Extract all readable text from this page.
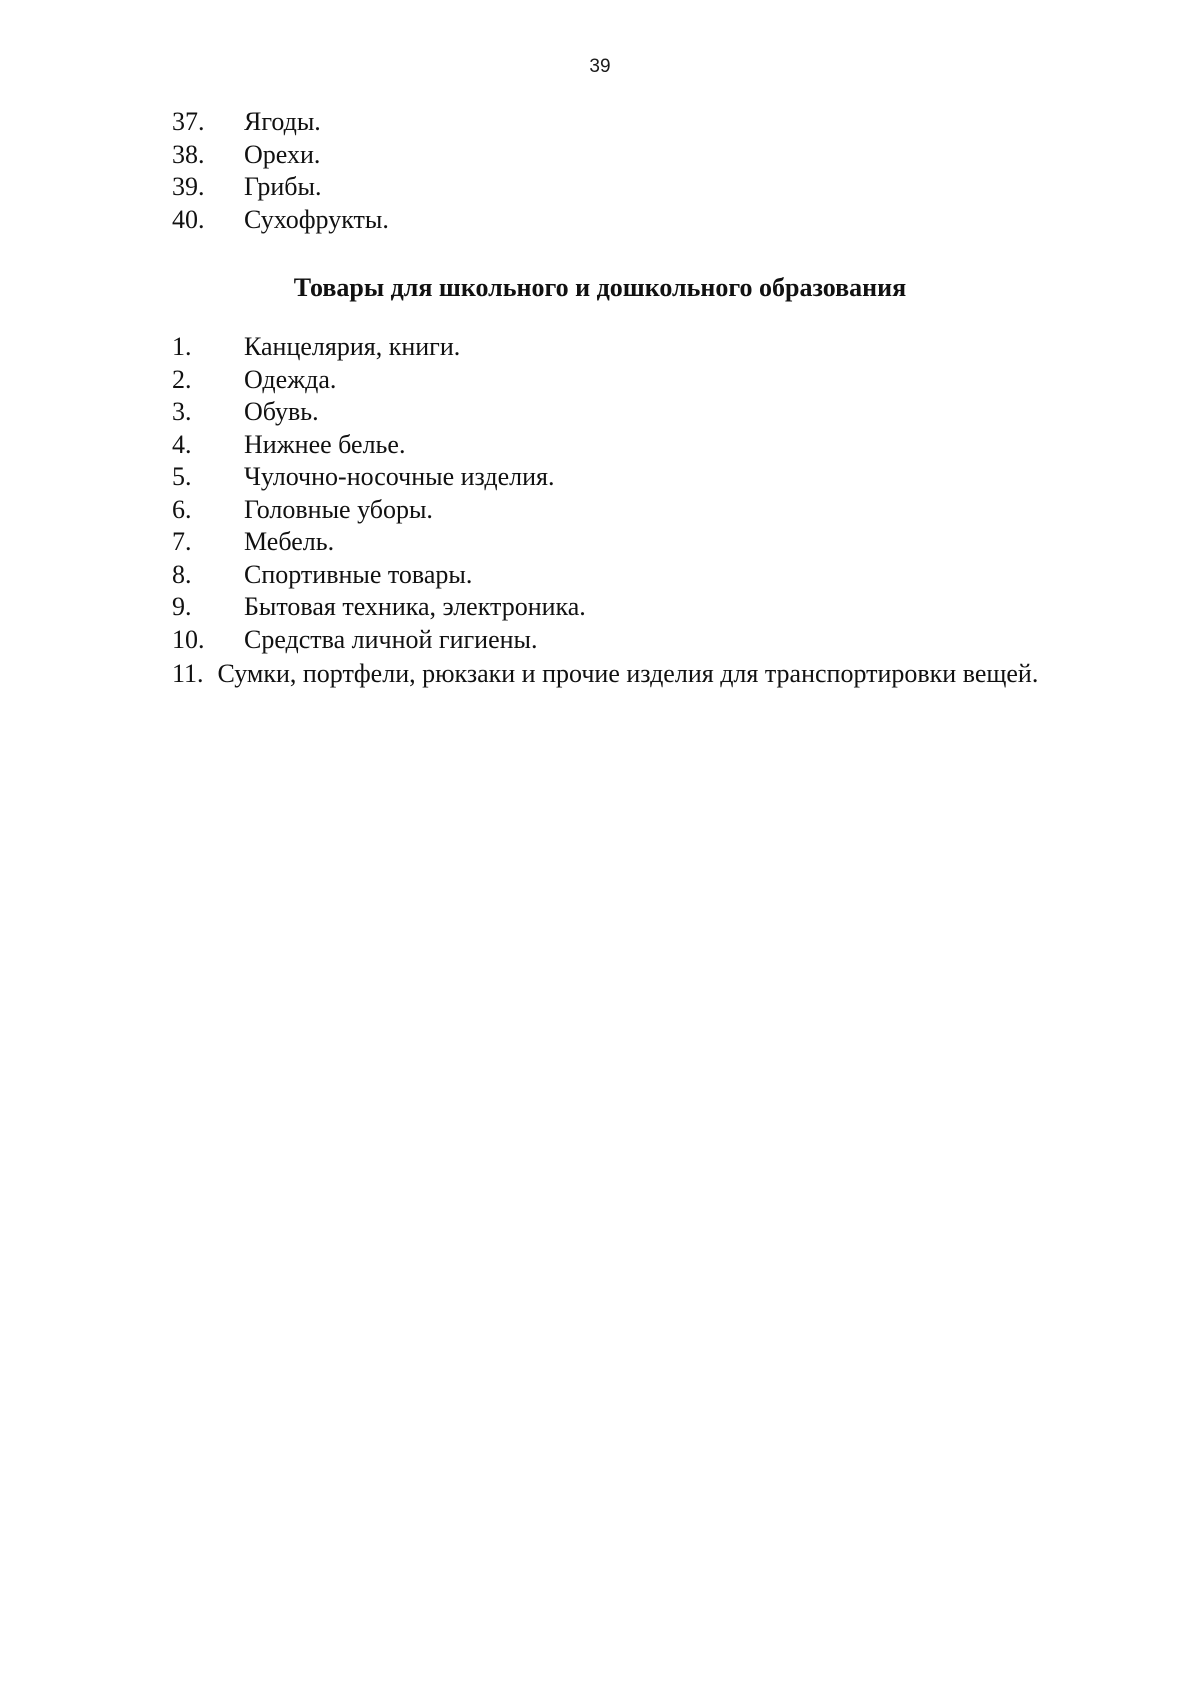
39
37.	Ягоды.
38.	Орехи.
39.	Грибы.
40.	Сухофрукты.
Товары для школьного и дошкольного образования
1.	Канцелярия, книги.
2.	Одежда.
3.	Обувь.
4.	Нижнее белье.
5.	Чулочно-носочные изделия.
6.	Головные уборы.
7.	Мебель.
8.	Спортивные товары.
9.	Бытовая техника, электроника.
10.	Средства личной гигиены.

11. Сумки, портфели, рюкзаки и прочие изделия для транспортировки вещей.
